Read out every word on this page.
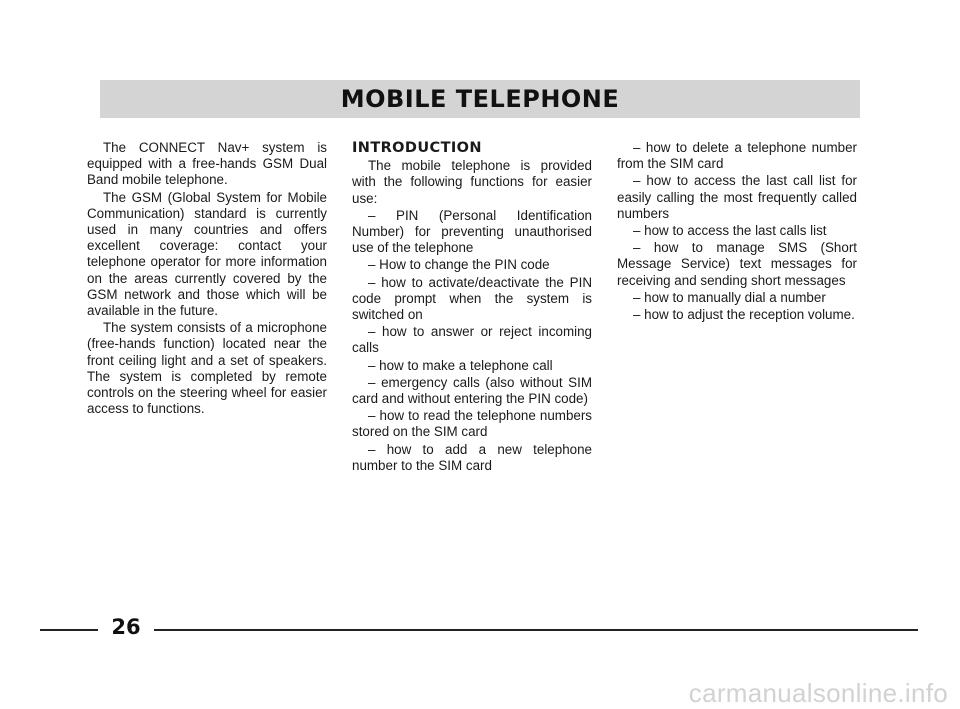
MOBILE TELEPHONE

The CONNECT Nav+ system is equipped with a free-hands GSM Dual Band mobile telephone.

The GSM (Global System for Mobile Communication) standard is currently used in many countries and offers excellent coverage: contact your telephone operator for more information on the areas currently covered by the GSM network and those which will be available in the future.

The system consists of a microphone (free-hands function) located near the front ceiling light and a set of speakers. The system is completed by remote controls on the steering wheel for easier access to functions.

INTRODUCTION

The mobile telephone is provided with the following functions for easier use:

– PIN (Personal Identification Number) for preventing unauthorised use of the telephone

– How to change the PIN code

– how to activate/deactivate the PIN code prompt when the system is switched on

– how to answer or reject incoming calls

– how to make a telephone call

– emergency calls (also without SIM card and without entering the PIN code)

– how to read the telephone numbers stored on the SIM card

– how to add a new telephone number to the SIM card

– how to delete a telephone number from the SIM card

– how to access the last call list for easily calling the most frequently called numbers

– how to access the last calls list

– how to manage SMS (Short Message Service) text messages for receiving and sending short messages

– how to manually dial a number

– how to adjust the reception volume.

26
carmanualsonline.info
